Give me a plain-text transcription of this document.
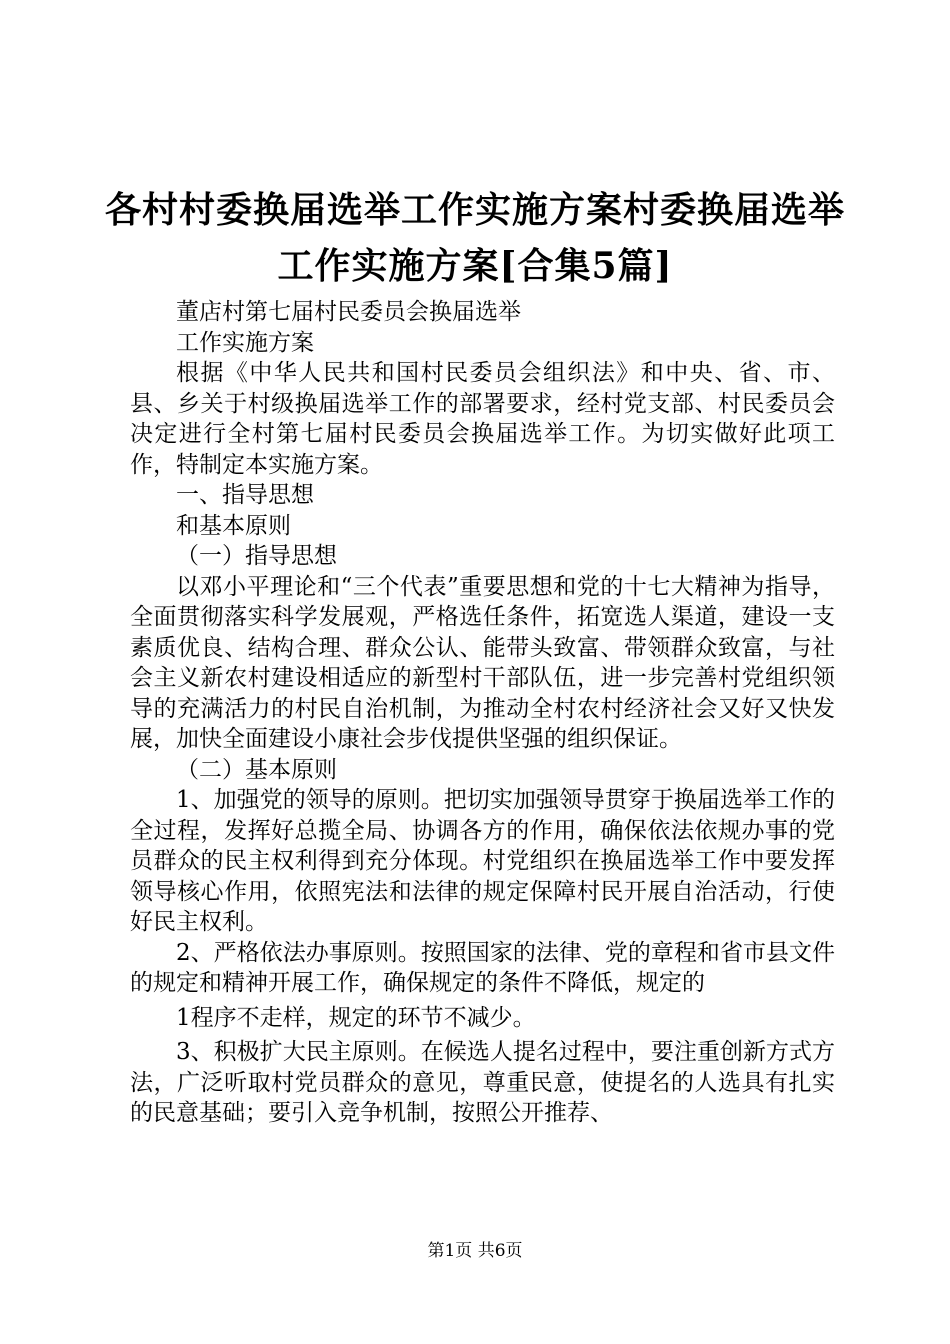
各村村委换届选举工作实施方案村委换届选举
工作实施方案[合集5篇]

董店村第七届村民委员会换届选举

工作实施方案

根据《中华人民共和国村民委员会组织法》和中央、省、市、县、乡关于村级换届选举工作的部署要求，经村党支部、村民委员会决定进行全村第七届村民委员会换届选举工作。为切实做好此项工作，特制定本实施方案。

一、指导思想

和基本原则

（一）指导思想

以邓小平理论和“三个代表”重要思想和党的十七大精神为指导，全面贯彻落实科学发展观，严格选任条件，拓宽选人渠道，建设一支素质优良、结构合理、群众公认、能带头致富、带领群众致富，与社会主义新农村建设相适应的新型村干部队伍，进一步完善村党组织领导的充满活力的村民自治机制，为推动全村农村经济社会又好又快发展，加快全面建设小康社会步伐提供坚强的组织保证。

（二）基本原则

1、加强党的领导的原则。把切实加强领导贯穿于换届选举工作的全过程，发挥好总揽全局、协调各方的作用，确保依法依规办事的党员群众的民主权利得到充分体现。村党组织在换届选举工作中要发挥领导核心作用，依照宪法和法律的规定保障村民开展自治活动，行使好民主权利。

2、严格依法办事原则。按照国家的法律、党的章程和省市县文件的规定和精神开展工作，确保规定的条件不降低，规定的

1程序不走样，规定的环节不减少。

3、积极扩大民主原则。在候选人提名过程中，要注重创新方式方法，广泛听取村党员群众的意见，尊重民意，使提名的人选具有扎实的民意基础；要引入竞争机制，按照公开推荐、

第1页 共6页
